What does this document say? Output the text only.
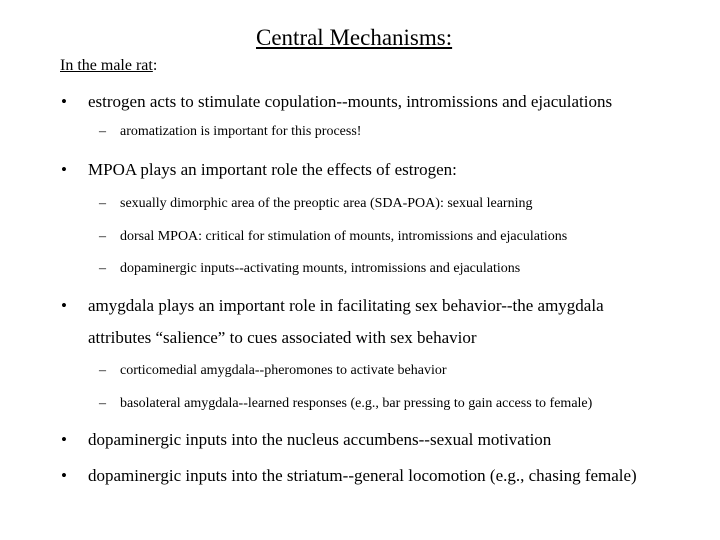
Central Mechanisms:
In the male rat:
• estrogen acts to stimulate copulation--mounts, intromissions and ejaculations
– aromatization is important for this process!
• MPOA plays an important role the effects of estrogen:
– sexually dimorphic area of the preoptic area (SDA-POA): sexual learning
– dorsal MPOA: critical for stimulation of mounts, intromissions and ejaculations
– dopaminergic inputs--activating mounts, intromissions and ejaculations
• amygdala plays an important role in facilitating sex behavior--the amygdala
attributes “salience” to cues associated with sex behavior
– corticomedial amygdala--pheromones to activate behavior
– basolateral amygdala--learned responses (e.g., bar pressing to gain access to female)
• dopaminergic inputs into the nucleus accumbens--sexual motivation
• dopaminergic inputs into the striatum--general locomotion (e.g., chasing female)
